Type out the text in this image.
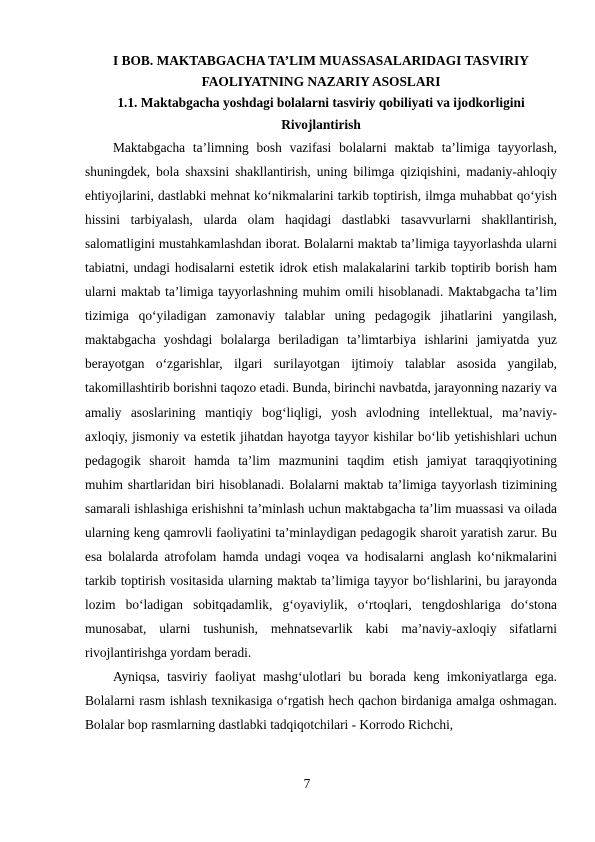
I BOB. MAKTABGACHA TA’LIM MUASSASALARIDAGI TASVIRIY

FAOLIYATNING NAZARIY ASOSLARI

1.1. Maktabgacha yoshdagi bolalarni tasviriy qobiliyati va ijodkorligini

Rivojlantirish

Maktabgacha ta’limning bosh vazifasi bolalarni maktab ta’limiga tayyorlash, shuningdek, bola shaxsini shakllantirish, uning bilimga qiziqishini, madaniy-ahloqiy ehtiyojlarini, dastlabki mehnat ko‘nikmalarini tarkib toptirish, ilmga muhabbat qo‘yish hissini tarbiyalash, ularda olam haqidagi dastlabki tasavvurlarni shakllantirish, salomatligini mustahkamlashdan iborat. Bolalarni maktab ta’limiga tayyorlashda ularni tabiatni, undagi hodisalarni estetik idrok etish malakalarini tarkib toptirib borish ham ularni maktab ta’limiga tayyorlashning muhim omili hisoblanadi. Maktabgacha ta’lim tizimiga qo‘yiladigan zamonaviy talablar uning pedagogik jihatlarini yangilash, maktabgacha yoshdagi bolalarga beriladigan ta’limtarbiya ishlarini jamiyatda yuz berayotgan o‘zgarishlar, ilgari surilayotgan ijtimoiy talablar asosida yangilab, takomillashtirib borishni taqozo etadi. Bunda, birinchi navbatda, jarayonning nazariy va amaliy asoslarining mantiqiy bog‘liqligi, yosh avlodning intellektual, ma’naviy-axloqiy, jismoniy va estetik jihatdan hayotga tayyor kishilar bo‘lib yetishishlari uchun pedagogik sharoit hamda ta’lim mazmunini taqdim etish jamiyat taraqqiyotining muhim shartlaridan biri hisoblanadi. Bolalarni maktab ta’limiga tayyorlash tizimining samarali ishlashiga erishishni ta’minlash uchun maktabgacha ta’lim muassasi va oilada ularning keng qamrovli faoliyatini ta’minlaydigan pedagogik sharoit yaratish zarur. Bu esa bolalarda atrofolam hamda undagi voqea va hodisalarni anglash ko‘nikmalarini tarkib toptirish vositasida ularning maktab ta’limiga tayyor bo‘lishlarini, bu jarayonda lozim bo‘ladigan sobitqadamlik, g‘oyaviylik, o‘rtoqlari, tengdoshlariga do‘stona munosabat, ularni tushunish, mehnatsevarlik kabi ma’naviy-axloqiy sifatlarni rivojlantirishga yordam beradi.

Ayniqsa, tasviriy faoliyat mashg‘ulotlari bu borada keng imkoniyatlarga ega. Bolalarni rasm ishlash texnikasiga o‘rgatish hech qachon birdaniga amalga oshmagan. Bolalar bop rasmlarning dastlabki tadqiqotchilari - Korrodo Richchi,

7
